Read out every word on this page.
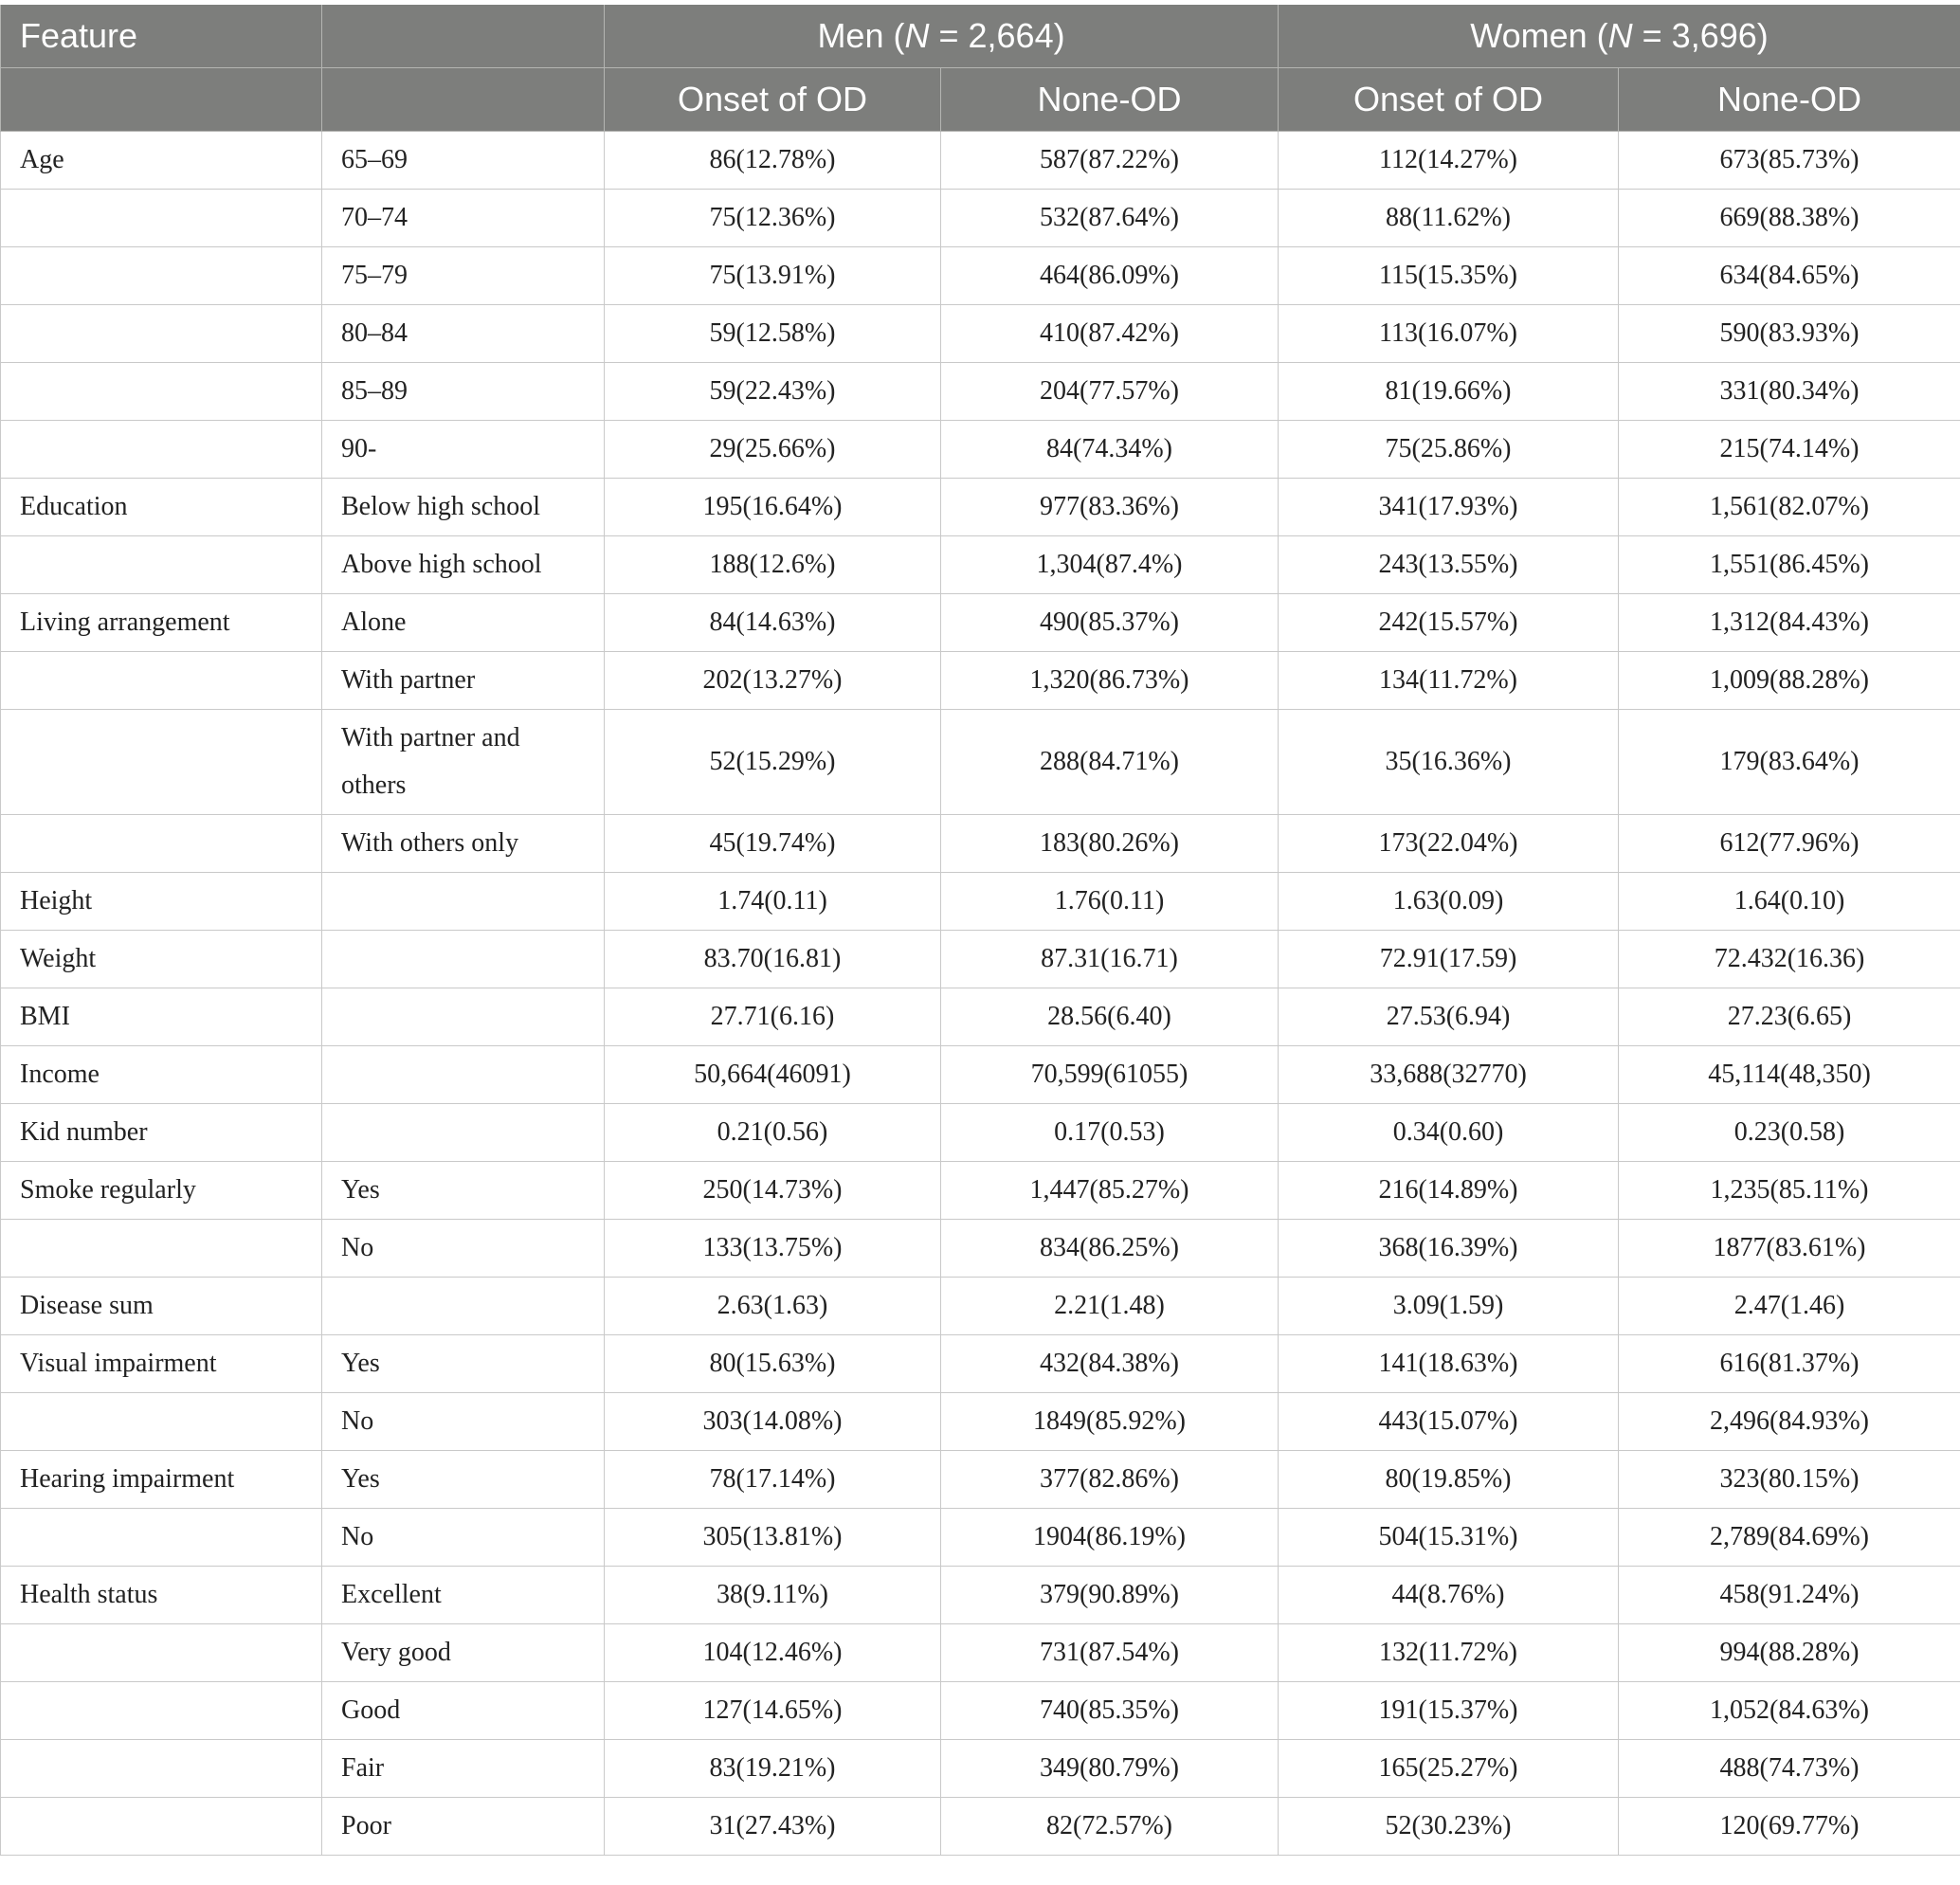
Feature		Men (N = 2,664)		Women (N = 3,696)	
		Onset of OD	None-OD	Onset of OD	None-OD
Age	65–69	86(12.78%)	587(87.22%)	112(14.27%)	673(85.73%)
	70–74	75(12.36%)	532(87.64%)	88(11.62%)	669(88.38%)
	75–79	75(13.91%)	464(86.09%)	115(15.35%)	634(84.65%)
	80–84	59(12.58%)	410(87.42%)	113(16.07%)	590(83.93%)
	85–89	59(22.43%)	204(77.57%)	81(19.66%)	331(80.34%)
	90-	29(25.66%)	84(74.34%)	75(25.86%)	215(74.14%)
Education	Below high school	195(16.64%)	977(83.36%)	341(17.93%)	1,561(82.07%)
	Above high school	188(12.6%)	1,304(87.4%)	243(13.55%)	1,551(86.45%)
Living arrangement	Alone	84(14.63%)	490(85.37%)	242(15.57%)	1,312(84.43%)
	With partner	202(13.27%)	1,320(86.73%)	134(11.72%)	1,009(88.28%)
	With partner and others	52(15.29%)	288(84.71%)	35(16.36%)	179(83.64%)
	With others only	45(19.74%)	183(80.26%)	173(22.04%)	612(77.96%)
Height		1.74(0.11)	1.76(0.11)	1.63(0.09)	1.64(0.10)
Weight		83.70(16.81)	87.31(16.71)	72.91(17.59)	72.432(16.36)
BMI		27.71(6.16)	28.56(6.40)	27.53(6.94)	27.23(6.65)
Income		50,664(46091)	70,599(61055)	33,688(32770)	45,114(48,350)
Kid number		0.21(0.56)	0.17(0.53)	0.34(0.60)	0.23(0.58)
Smoke regularly	Yes	250(14.73%)	1,447(85.27%)	216(14.89%)	1,235(85.11%)
	No	133(13.75%)	834(86.25%)	368(16.39%)	1877(83.61%)
Disease sum		2.63(1.63)	2.21(1.48)	3.09(1.59)	2.47(1.46)
Visual impairment	Yes	80(15.63%)	432(84.38%)	141(18.63%)	616(81.37%)
	No	303(14.08%)	1849(85.92%)	443(15.07%)	2,496(84.93%)
Hearing impairment	Yes	78(17.14%)	377(82.86%)	80(19.85%)	323(80.15%)
	No	305(13.81%)	1904(86.19%)	504(15.31%)	2,789(84.69%)
Health status	Excellent	38(9.11%)	379(90.89%)	44(8.76%)	458(91.24%)
	Very good	104(12.46%)	731(87.54%)	132(11.72%)	994(88.28%)
	Good	127(14.65%)	740(85.35%)	191(15.37%)	1,052(84.63%)
	Fair	83(19.21%)	349(80.79%)	165(25.27%)	488(74.73%)
	Poor	31(27.43%)	82(72.57%)	52(30.23%)	120(69.77%)
